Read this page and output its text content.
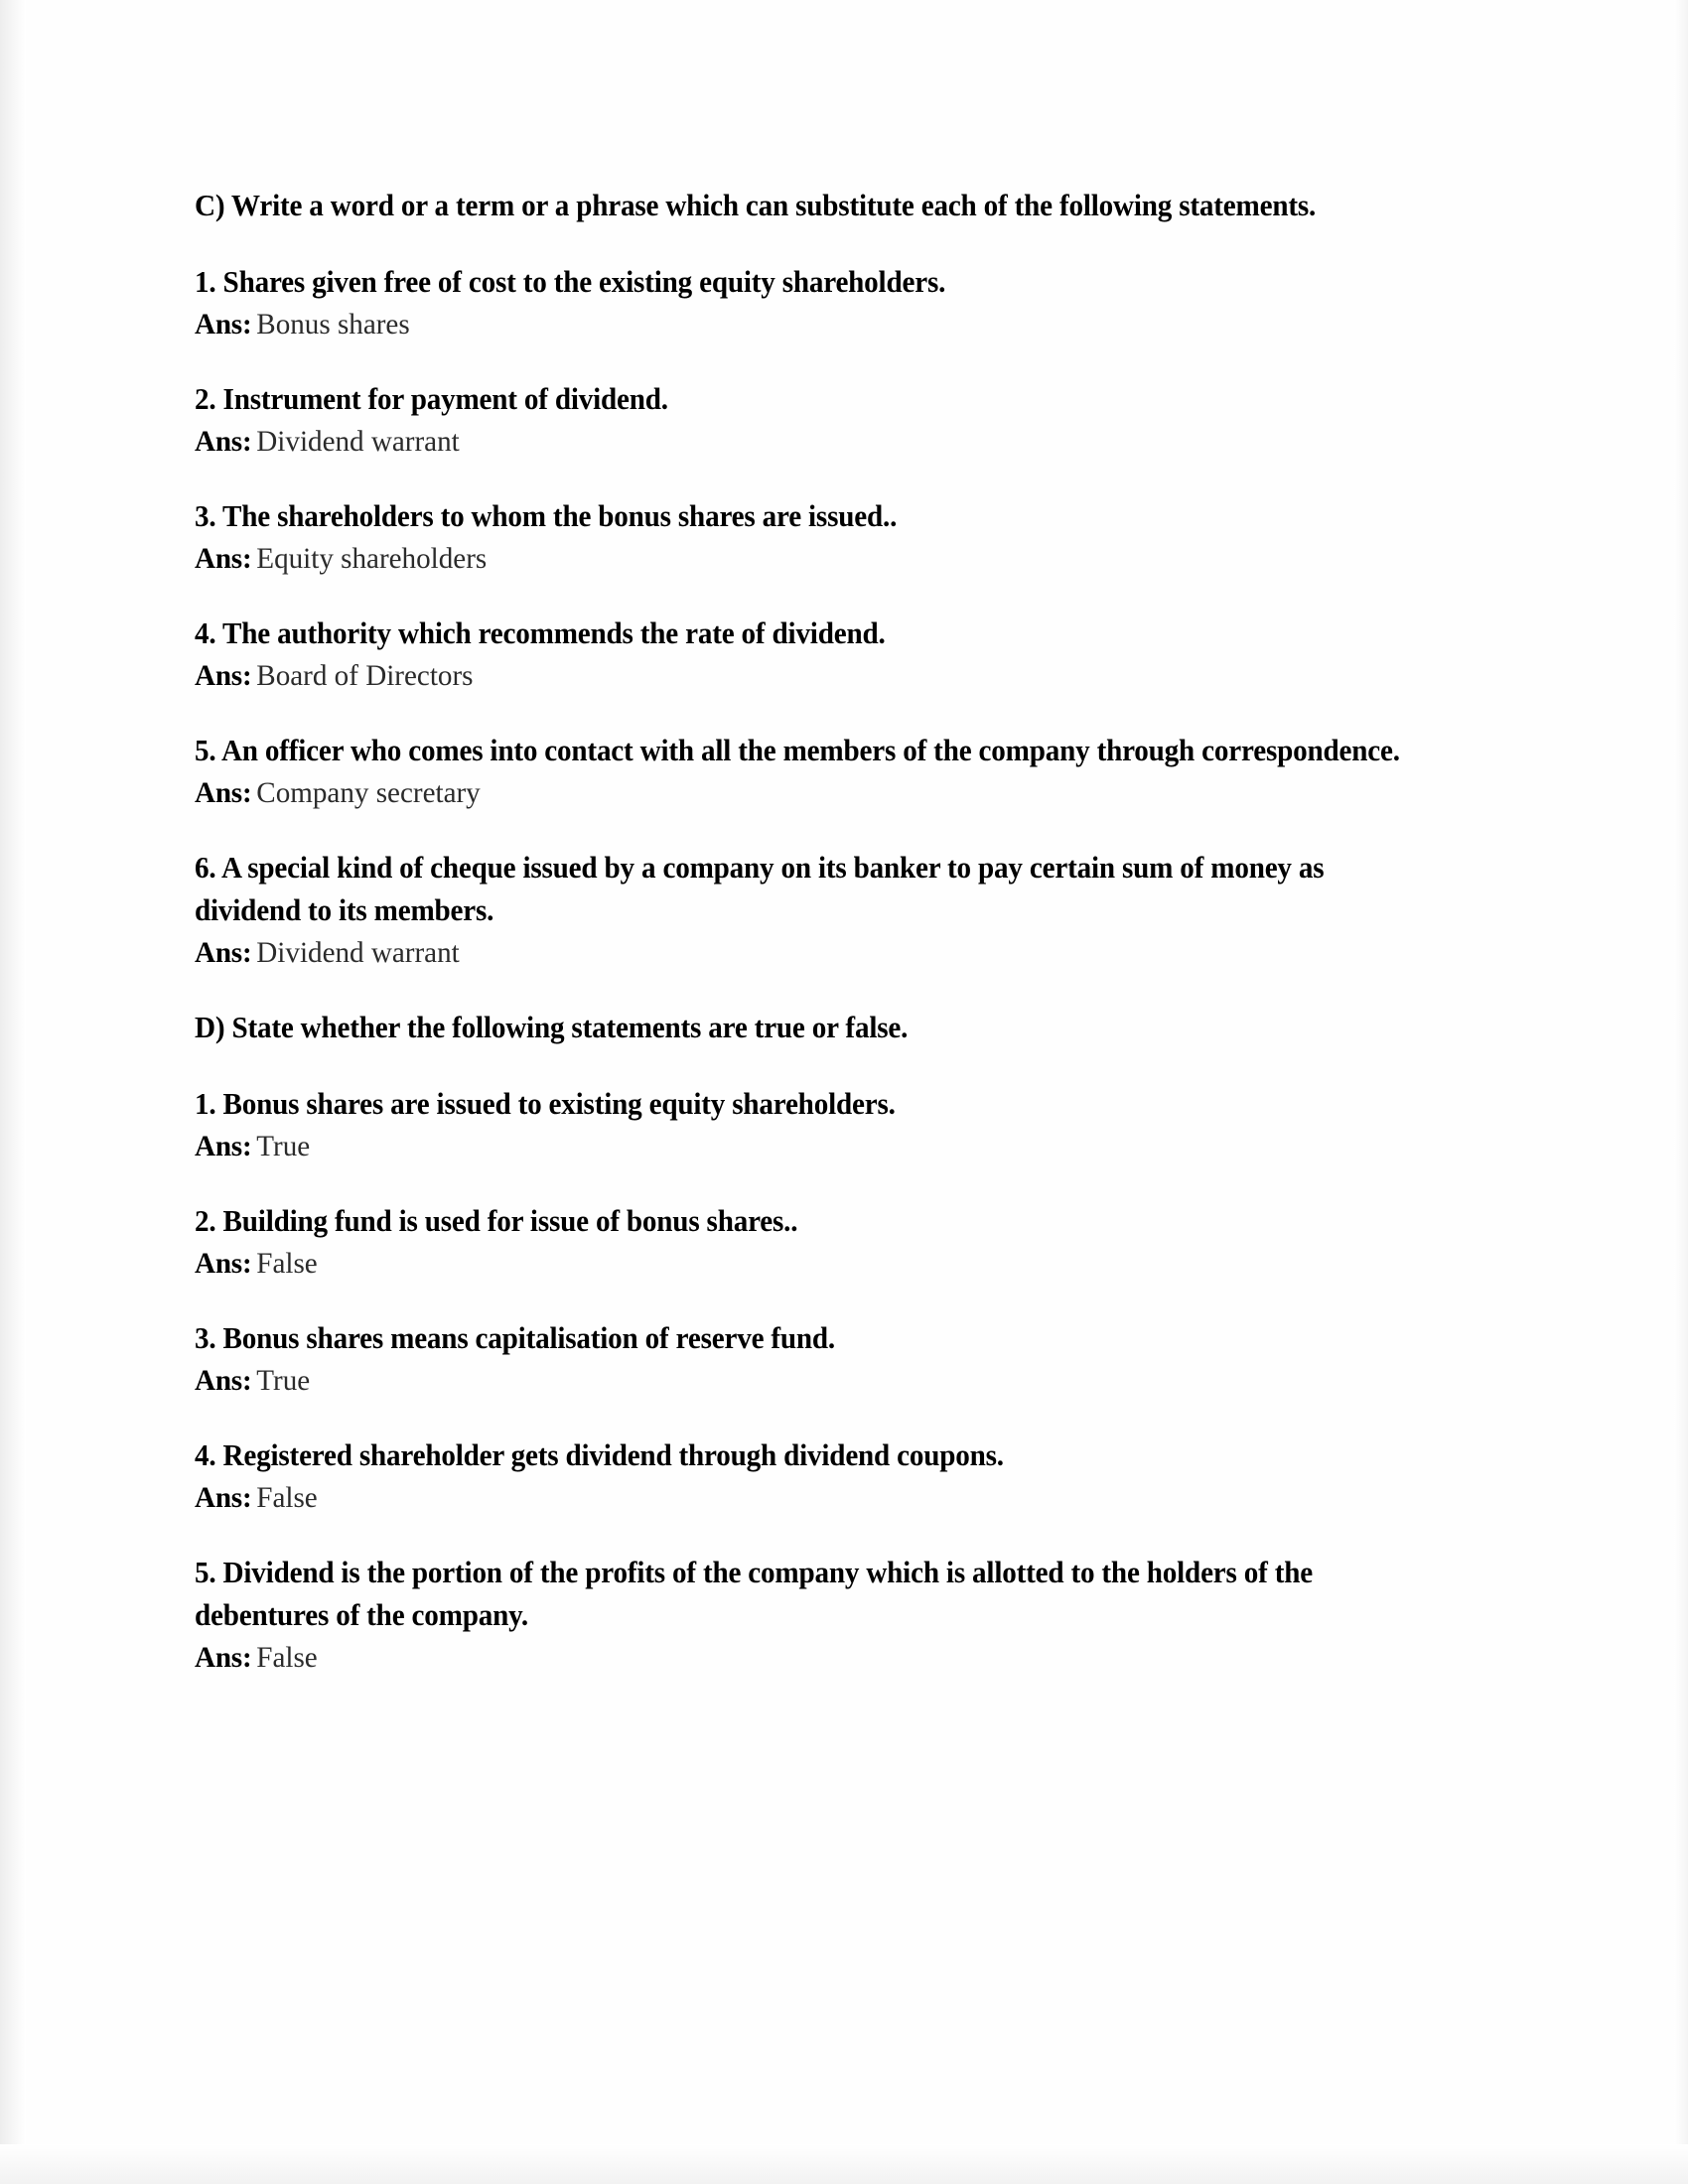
C) Write a word or a term or a phrase which can substitute each of the following statements.

1. Shares given free of cost to the existing equity shareholders.

Ans: Bonus shares

2. Instrument for payment of dividend.

Ans: Dividend warrant

3. The shareholders to whom the bonus shares are issued..

Ans: Equity shareholders

4. The authority which recommends the rate of dividend.

Ans: Board of Directors

5. An officer who comes into contact with all the members of the company through correspondence.

Ans: Company secretary

6. A special kind of cheque issued by a company on its banker to pay certain sum of money as dividend to its members.

Ans: Dividend warrant

D) State whether the following statements are true or false.

1. Bonus shares are issued to existing equity shareholders.

Ans: True

2. Building fund is used for issue of bonus shares..

Ans: False

3. Bonus shares means capitalisation of reserve fund.

Ans: True

4. Registered shareholder gets dividend through dividend coupons.

Ans: False

5. Dividend is the portion of the profits of the company which is allotted to the holders of the debentures of the company.

Ans: False
